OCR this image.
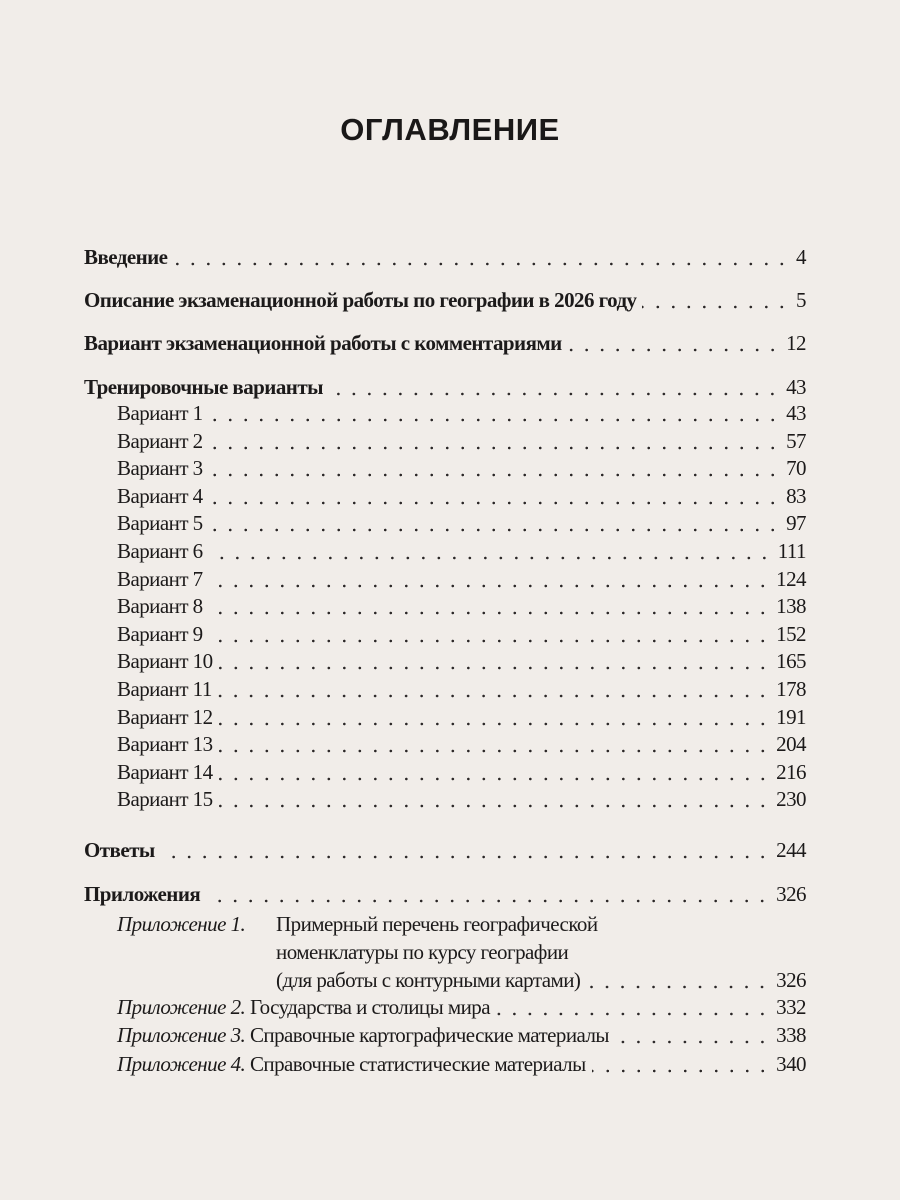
ОГЛАВЛЕНИЕ
Введение	4
Описание экзаменационной работы по географии в 2026 году	5
Вариант экзаменационной работы с комментариями	12
Тренировочные варианты	43
Вариант 1	43
Вариант 2	57
Вариант 3	70
Вариант 4	83
Вариант 5	97
Вариант 6	111
Вариант 7	124
Вариант 8	138
Вариант 9	152
Вариант 10	165
Вариант 11	178
Вариант 12	191
Вариант 13	204
Вариант 14	216
Вариант 15	230
Ответы	244
Приложения	326
Приложение 1. Примерный перечень географической
номенклатуры по курсу географии
(для работы с контурными картами)	326
Приложение 2. Государства и столицы мира	332
Приложение 3. Справочные картографические материалы	338
Приложение 4. Справочные статистические материалы	340
